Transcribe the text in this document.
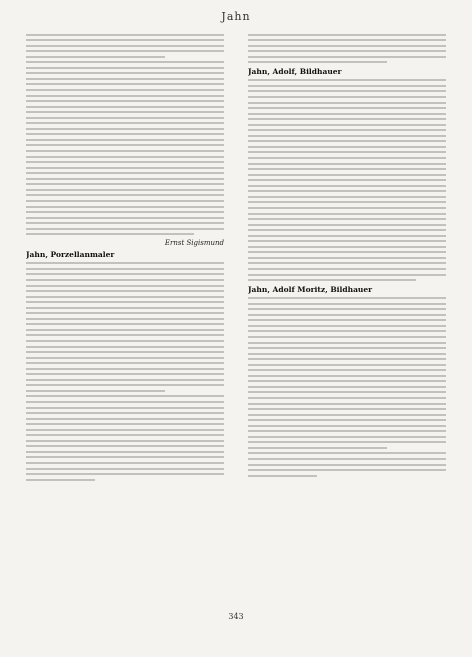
Jahn
Ernst Sigismund
Jahn, Porzellanmaler
Jahn, Adolf, Bildhauer
Jahn, Adolf Moritz, Bildhauer
343
